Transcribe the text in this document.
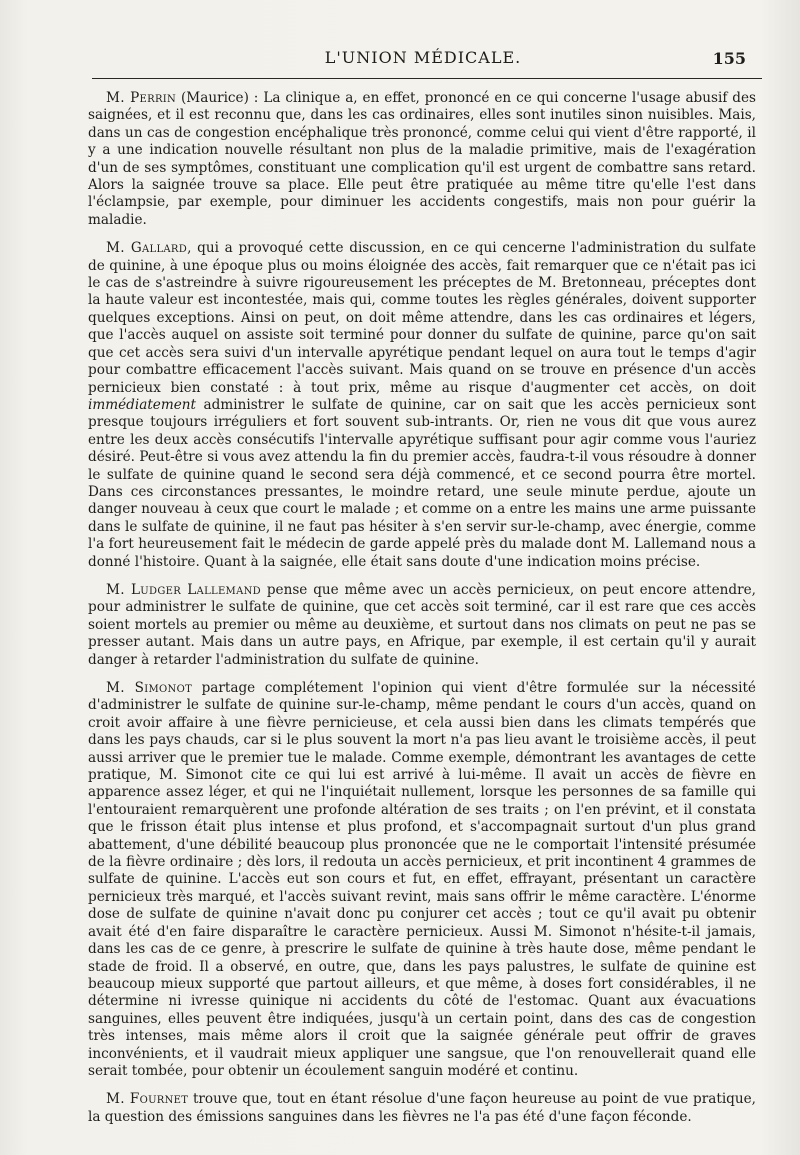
L'UNION MÉDICALE.	155

M. Perrin (Maurice) : La clinique a, en effet, prononcé en ce qui concerne l'usage abusif des saignées, et il est reconnu que, dans les cas ordinaires, elles sont inutiles sinon nuisibles. Mais, dans un cas de congestion encéphalique très prononcé, comme celui qui vient d'être rapporté, il y a une indication nouvelle résultant non plus de la maladie primitive, mais de l'exagération d'un de ses symptômes, constituant une complication qu'il est urgent de combattre sans retard. Alors la saignée trouve sa place. Elle peut être pratiquée au même titre qu'elle l'est dans l'éclampsie, par exemple, pour diminuer les accidents congestifs, mais non pour guérir la maladie.

M. Gallard, qui a provoqué cette discussion, en ce qui cencerne l'administration du sulfate de quinine, à une époque plus ou moins éloignée des accès, fait remarquer que ce n'était pas ici le cas de s'astreindre à suivre rigoureusement les préceptes de M. Bretonneau, préceptes dont la haute valeur est incontestée, mais qui, comme toutes les règles générales, doivent supporter quelques exceptions. Ainsi on peut, on doit même attendre, dans les cas ordinaires et légers, que l'accès auquel on assiste soit terminé pour donner du sulfate de quinine, parce qu'on sait que cet accès sera suivi d'un intervalle apyrétique pendant lequel on aura tout le temps d'agir pour combattre efficacement l'accès suivant. Mais quand on se trouve en présence d'un accès pernicieux bien constaté : à tout prix, même au risque d'augmenter cet accès, on doit immédiatement administrer le sulfate de quinine, car on sait que les accès pernicieux sont presque toujours irréguliers et fort souvent sub-intrants. Or, rien ne vous dit que vous aurez entre les deux accès consécutifs l'intervalle apyrétique suffisant pour agir comme vous l'auriez désiré. Peut-être si vous avez attendu la fin du premier accès, faudra-t-il vous résoudre à donner le sulfate de quinine quand le second sera déjà commencé, et ce second pourra être mortel. Dans ces circonstances pressantes, le moindre retard, une seule minute perdue, ajoute un danger nouveau à ceux que court le malade ; et comme on a entre les mains une arme puissante dans le sulfate de quinine, il ne faut pas hésiter à s'en servir sur-le-champ, avec énergie, comme l'a fort heureusement fait le médecin de garde appelé près du malade dont M. Lallemand nous a donné l'histoire. Quant à la saignée, elle était sans doute d'une indication moins précise.

M. Ludger Lallemand pense que même avec un accès pernicieux, on peut encore attendre, pour administrer le sulfate de quinine, que cet accès soit terminé, car il est rare que ces accès soient mortels au premier ou même au deuxième, et surtout dans nos climats on peut ne pas se presser autant. Mais dans un autre pays, en Afrique, par exemple, il est certain qu'il y aurait danger à retarder l'administration du sulfate de quinine.

M. Simonot partage complétement l'opinion qui vient d'être formulée sur la nécessité d'administrer le sulfate de quinine sur-le-champ, même pendant le cours d'un accès, quand on croit avoir affaire à une fièvre pernicieuse, et cela aussi bien dans les climats tempérés que dans les pays chauds, car si le plus souvent la mort n'a pas lieu avant le troisième accès, il peut aussi arriver que le premier tue le malade. Comme exemple, démontrant les avantages de cette pratique, M. Simonot cite ce qui lui est arrivé à lui-même. Il avait un accès de fièvre en apparence assez léger, et qui ne l'inquiétait nullement, lorsque les personnes de sa famille qui l'entouraient remarquèrent une profonde altération de ses traits ; on l'en prévint, et il constata que le frisson était plus intense et plus profond, et s'accompagnait surtout d'un plus grand abattement, d'une débilité beaucoup plus prononcée que ne le comportait l'intensité présumée de la fièvre ordinaire ; dès lors, il redouta un accès pernicieux, et prit incontinent 4 grammes de sulfate de quinine. L'accès eut son cours et fut, en effet, effrayant, présentant un caractère pernicieux très marqué, et l'accès suivant revint, mais sans offrir le même caractère. L'énorme dose de sulfate de quinine n'avait donc pu conjurer cet accès ; tout ce qu'il avait pu obtenir avait été d'en faire disparaître le caractère pernicieux. Aussi M. Simonot n'hésite-t-il jamais, dans les cas de ce genre, à prescrire le sulfate de quinine à très haute dose, même pendant le stade de froid. Il a observé, en outre, que, dans les pays palustres, le sulfate de quinine est beaucoup mieux supporté que partout ailleurs, et que même, à doses fort considérables, il ne détermine ni ivresse quinique ni accidents du côté de l'estomac. Quant aux évacuations sanguines, elles peuvent être indiquées, jusqu'à un certain point, dans des cas de congestion très intenses, mais même alors il croit que la saignée générale peut offrir de graves inconvénients, et il vaudrait mieux appliquer une sangsue, que l'on renouvellerait quand elle serait tombée, pour obtenir un écoulement sanguin modéré et continu.

M. Fournet trouve que, tout en étant résolue d'une façon heureuse au point de vue pratique, la question des émissions sanguines dans les fièvres ne l'a pas été d'une façon féconde.
